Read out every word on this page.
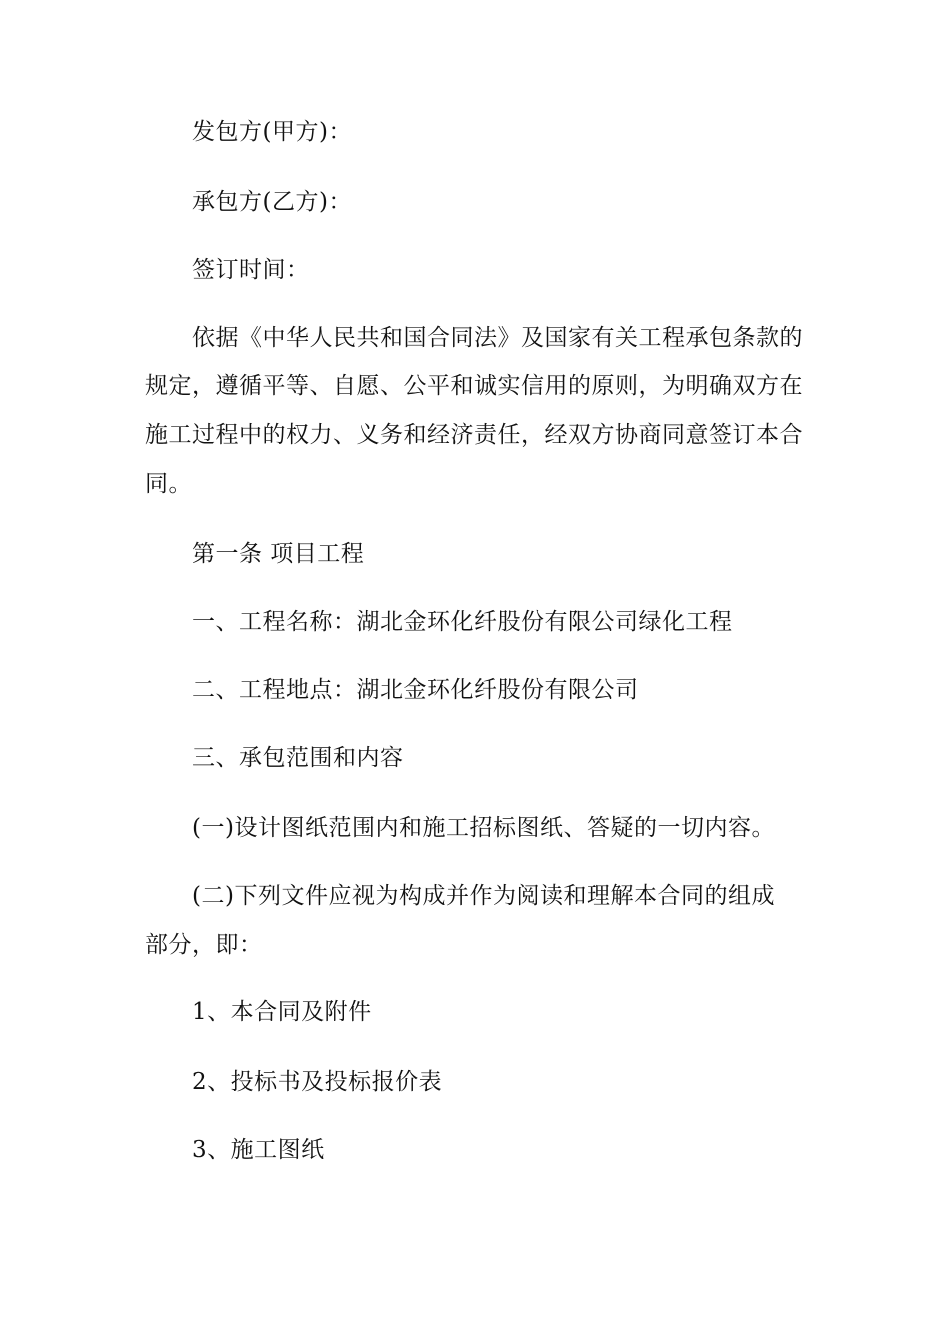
发包方(甲方)：
承包方(乙方)：
签订时间：
依据《中华人民共和国合同法》及国家有关工程承包条款的
规定，遵循平等、自愿、公平和诚实信用的原则，为明确双方在
施工过程中的权力、义务和经济责任，经双方协商同意签订本合
同。
第一条 项目工程
一、工程名称：湖北金环化纤股份有限公司绿化工程
二、工程地点：湖北金环化纤股份有限公司
三、承包范围和内容
(一)设计图纸范围内和施工招标图纸、答疑的一切内容。
(二)下列文件应视为构成并作为阅读和理解本合同的组成
部分，即：
1、本合同及附件
2、投标书及投标报价表
3、施工图纸
